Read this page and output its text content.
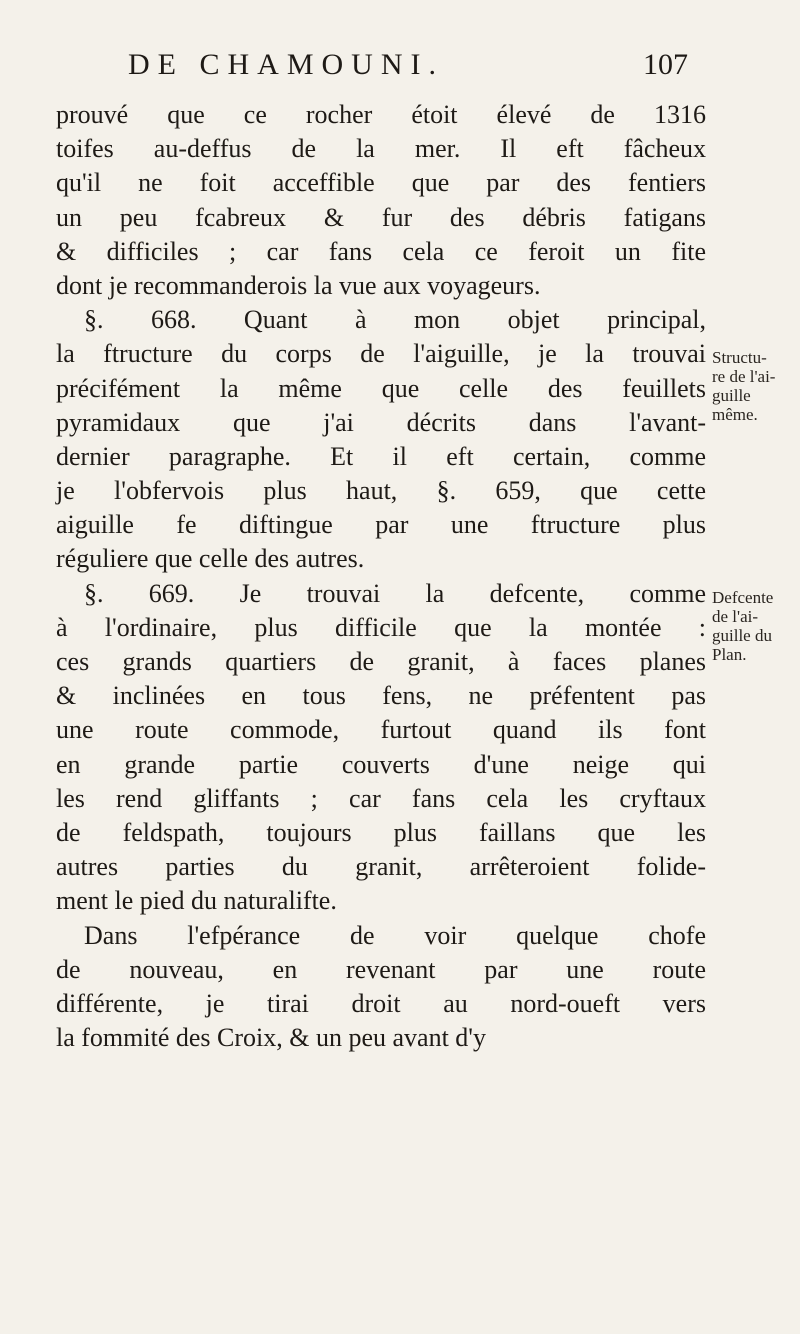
DE CHAMOUNI.	107
prouvé que ce rocher étoit élevé de 1316
toifes au-deffus de la mer. Il eft fâcheux
qu'il ne foit acceffible que par des fentiers
un peu fcabreux & fur des débris fatigans
& difficiles ; car fans cela ce feroit un fite
dont je recommanderois la vue aux voyageurs.
§. 668. Quant à mon objet principal,
la ftructure du corps de l'aiguille, je la trouvai
précifément la même que celle des feuillets
pyramidaux que j'ai décrits dans l'avant-
dernier paragraphe. Et il eft certain, comme
je l'obfervois plus haut, §. 659, que cette
aiguille fe diftingue par une ftructure plus
réguliere que celle des autres.
§. 669. Je trouvai la defcente, comme
à l'ordinaire, plus difficile que la montée :
ces grands quartiers de granit, à faces planes
& inclinées en tous fens, ne préfentent pas
une route commode, furtout quand ils font
en grande partie couverts d'une neige qui
les rend gliffants ; car fans cela les cryftaux
de feldspath, toujours plus faillans que les
autres parties du granit, arrêteroient folide-
ment le pied du naturalifte.
Dans l'efpérance de voir quelque chofe
de nouveau, en revenant par une route
différente, je tirai droit au nord-oueft vers
la fommité des Croix, & un peu avant d'y
Structu-
re de l'ai-
guille
même.
Defcente
de l'ai-
guille du
Plan.
